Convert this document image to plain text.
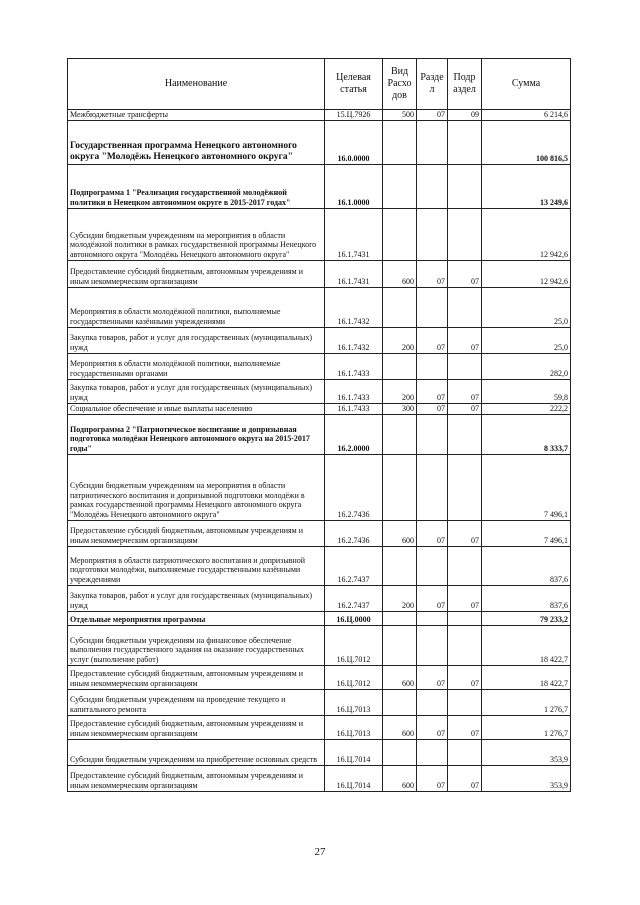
Наименование	Целевая статья	Вид Расхо дов	Разде л	Подр аздел	Сумма
Межбюджетные трансферты	15.Ц.7926	500	07	09	6 214,6
Государственная программа Ненецкого автономного округа "Молодёжь Ненецкого автономного округа"	16.0.0000				100 816,5
Подпрограмма 1 "Реализация государственной молодёжной политики в Ненецком автономном округе в 2015-2017 годах"	16.1.0000				13 249,6
Субсидии бюджетным учреждениям на мероприятия в области молодёжной политики в рамках государственной программы Ненецкого автономного округа "Молодёжь Ненецкого автономного округа"	16.1.7431				12 942,6
Предоставление субсидий бюджетным, автономным учреждениям и иным некоммерческим организациям	16.1.7431	600	07	07	12 942,6
Мероприятия в области молодёжной политики, выполняемые государственными казёнными учреждениями	16.1.7432				25,0
Закупка товаров, работ и услуг для государственных (муниципальных) нужд	16.1.7432	200	07	07	25,0
Мероприятия в области молодёжной политики, выполняемые государственными органами	16.1.7433				282,0
Закупка товаров, работ и услуг для государственных (муниципальных) нужд	16.1.7433	200	07	07	59,8
Социальное обеспечение и иные выплаты населению	16.1.7433	300	07	07	222,2
Подпрограмма 2 "Патриотическое воспитание и допризывная подготовка молодёжи Ненецкого автономного округа на 2015-2017 годы"	16.2.0000				8 333,7
Субсидии бюджетным учреждениям на мероприятия в области патриотического воспитания и допризывной подготовки молодёжи в рамках государственной программы Ненецкого автономного округа "Молодёжь Ненецкого автономного округа"	16.2.7436				7 496,1
Предоставление субсидий бюджетным, автономным учреждениям и иным некоммерческим организациям	16.2.7436	600	07	07	7 496,1
Мероприятия в области патриотического воспитания и допризывной подготовки молодёжи, выполняемые государственными казёнными учреждениями	16.2.7437				837,6
Закупка товаров, работ и услуг для государственных (муниципальных) нужд	16.2.7437	200	07	07	837,6
Отдельные мероприятия программы	16.Ц.0000				79 233,2
Субсидии бюджетным учреждениям на финансовое обеспечение выполнения государственного задания на оказание государственных услуг (выполнение работ)	16.Ц.7012				18 422,7
Предоставление субсидий бюджетным, автономным учреждениям и иным некоммерческим организациям	16.Ц.7012	600	07	07	18 422,7
Субсидии бюджетным учреждениям на проведение текущего и капитального ремонта	16.Ц.7013				1 276,7
Предоставление субсидий бюджетным, автономным учреждениям и иным некоммерческим организациям	16.Ц.7013	600	07	07	1 276,7
Субсидии бюджетным учреждениям на приобретение основных средств	16.Ц.7014				353,9
Предоставление субсидий бюджетным, автономным учреждениям и иным некоммерческим организациям	16.Ц.7014	600	07	07	353,9
27
